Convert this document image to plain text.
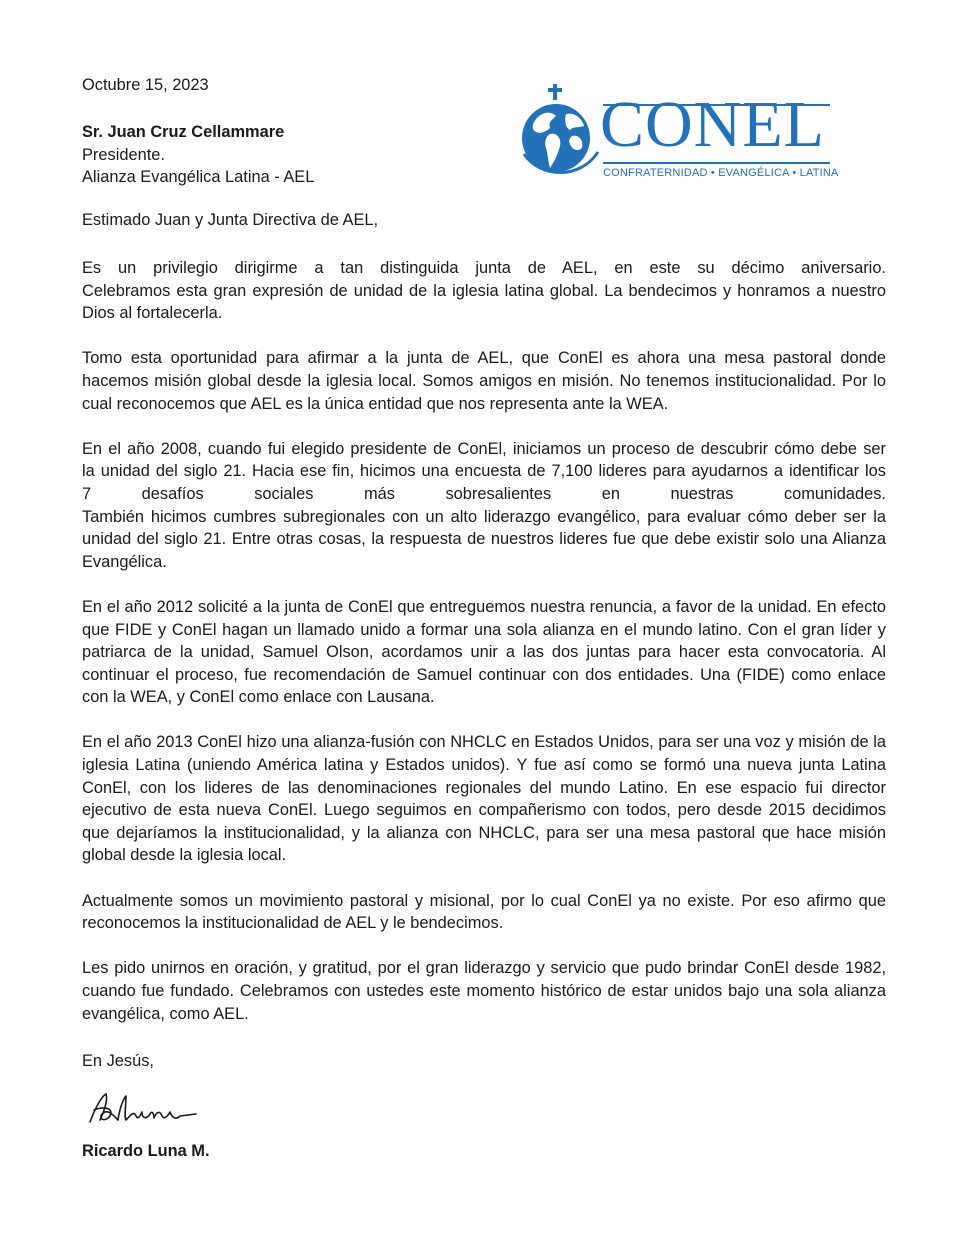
CONEL
CONFRATERNIDAD • EVANGÉLICA • LATINA
Octubre 15, 2023
Sr. Juan Cruz Cellammare
Presidente.
Alianza Evangélica Latina - AEL
Estimado Juan y Junta Directiva de AEL,

Es un privilegio dirigirme a tan distinguida junta de AEL, en este su décimo aniversario.
Celebramos esta gran expresión de unidad de la iglesia latina global. La bendecimos y honramos a nuestro
Dios al fortalecerla.

Tomo esta oportunidad para afirmar a la junta de AEL, que ConEl es ahora una mesa pastoral donde
hacemos misión global desde la iglesia local. Somos amigos en misión. No tenemos institucionalidad. Por lo
cual reconocemos que AEL es la única entidad que nos representa ante la WEA.

En el año 2008, cuando fui elegido presidente de ConEl, iniciamos un proceso de descubrir cómo debe ser
la unidad del siglo 21. Hacia ese fin, hicimos una encuesta de 7,100 lideres para ayudarnos a identificar los
7 desafíos sociales más sobresalientes en nuestras comunidades.
También hicimos cumbres subregionales con un alto liderazgo evangélico, para evaluar cómo deber ser la
unidad del siglo 21. Entre otras cosas, la respuesta de nuestros lideres fue que debe existir solo una Alianza
Evangélica.

En el año 2012 solicité a la junta de ConEl que entreguemos nuestra renuncia, a favor de la unidad. En efecto
que FIDE y ConEl hagan un llamado unido a formar una sola alianza en el mundo latino. Con el gran líder y
patriarca de la unidad, Samuel Olson, acordamos unir a las dos juntas para hacer esta convocatoria. Al
continuar el proceso, fue recomendación de Samuel continuar con dos entidades. Una (FIDE) como enlace
con la WEA, y ConEl como enlace con Lausana.

En el año 2013 ConEl hizo una alianza-fusión con NHCLC en Estados Unidos, para ser una voz y misión de la
iglesia Latina (uniendo América latina y Estados unidos). Y fue así como se formó una nueva junta Latina
ConEl, con los lideres de las denominaciones regionales del mundo Latino. En ese espacio fui director
ejecutivo de esta nueva ConEl. Luego seguimos en compañerismo con todos, pero desde 2015 decidimos
que dejaríamos la institucionalidad, y la alianza con NHCLC, para ser una mesa pastoral que hace misión
global desde la iglesia local.

Actualmente somos un movimiento pastoral y misional, por lo cual ConEl ya no existe. Por eso afirmo que
reconocemos la institucionalidad de AEL y le bendecimos.

Les pido unirnos en oración, y gratitud, por el gran liderazgo y servicio que pudo brindar ConEl desde 1982,
cuando fue fundado. Celebramos con ustedes este momento histórico de estar unidos bajo una sola alianza
evangélica, como AEL.

En Jesús,
Ricardo Luna M.
